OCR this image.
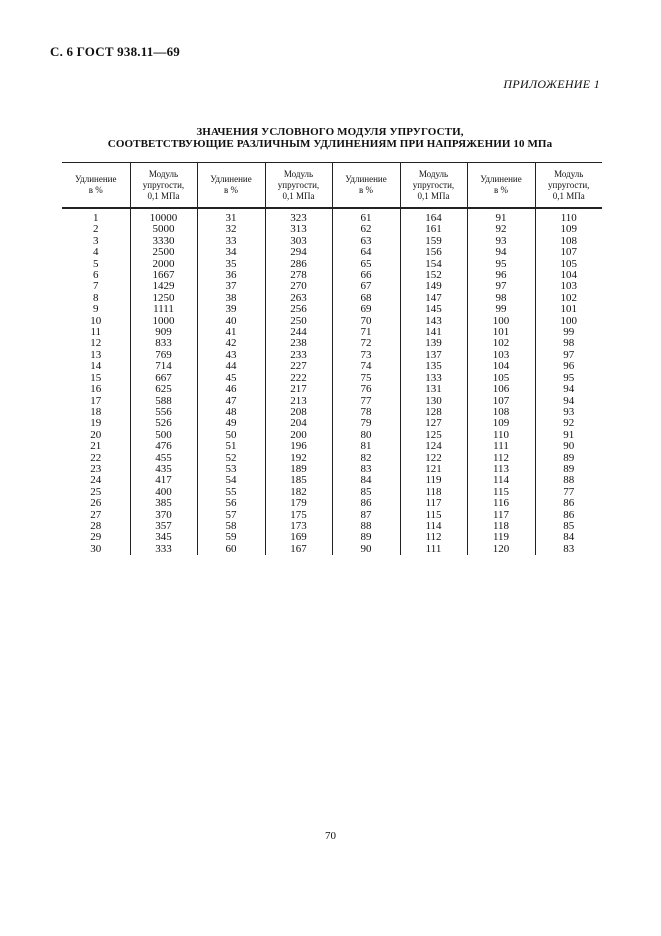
С. 6 ГОСТ 938.11—69
ПРИЛОЖЕНИЕ 1
ЗНАЧЕНИЯ УСЛОВНОГО МОДУЛЯ УПРУГОСТИ,
СООТВЕТСТВУЮЩИЕ РАЗЛИЧНЫМ УДЛИНЕНИЯМ ПРИ НАПРЯЖЕНИИ 10 МПа
Удлинение
в %	Модуль
упругости,
0,1 МПа	Удлинение
в %	Модуль
упругости,
0,1 МПа	Удлинение
в %	Модуль
упругости,
0,1 МПа	Удлинение
в %	Модуль
упругости,
0,1 МПа

1	10000	31	323	61	164	91	110
2	5000	32	313	62	161	92	109
3	3330	33	303	63	159	93	108
4	2500	34	294	64	156	94	107
5	2000	35	286	65	154	95	105
6	1667	36	278	66	152	96	104
7	1429	37	270	67	149	97	103
8	1250	38	263	68	147	98	102
9	1111	39	256	69	145	99	101
10	1000	40	250	70	143	100	100
11	909	41	244	71	141	101	99
12	833	42	238	72	139	102	98
13	769	43	233	73	137	103	97
14	714	44	227	74	135	104	96
15	667	45	222	75	133	105	95
16	625	46	217	76	131	106	94
17	588	47	213	77	130	107	94
18	556	48	208	78	128	108	93
19	526	49	204	79	127	109	92
20	500	50	200	80	125	110	91
21	476	51	196	81	124	111	90
22	455	52	192	82	122	112	89
23	435	53	189	83	121	113	89
24	417	54	185	84	119	114	88
25	400	55	182	85	118	115	77
26	385	56	179	86	117	116	86
27	370	57	175	87	115	117	86
28	357	58	173	88	114	118	85
29	345	59	169	89	112	119	84
30	333	60	167	90	111	120	83
70
